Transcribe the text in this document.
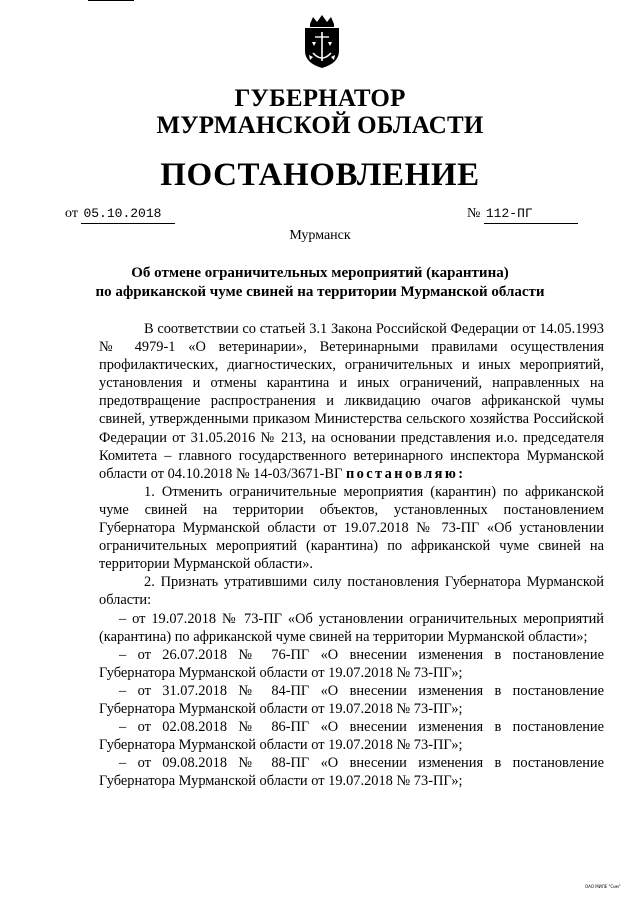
ГУБЕРНАТОР
МУРМАНСКОЙ ОБЛАСТИ
ПОСТАНОВЛЕНИЕ
от 05.10.2018	№ 112-ПГ
Мурманск
Об отмене ограничительных мероприятий (карантина)
по африканской чуме свиней на территории Мурманской области

В соответствии со статьей 3.1 Закона Российской Федерации от 14.05.1993 № 4979-1 «О ветеринарии», Ветеринарными правилами осуществления профилактических, диагностических, ограничительных и иных мероприятий, установления и отмены карантина и иных ограничений, направленных на предотвращение распространения и ликвидацию очагов африканской чумы свиней, утвержденными приказом Министерства сельского хозяйства Российской Федерации от 31.05.2016 № 213, на основании представления и.о. председателя Комитета – главного государственного ветеринарного инспектора Мурманской области от 04.10.2018 № 14-03/3671-ВГ постановляю:

1. Отменить ограничительные мероприятия (карантин) по африканской чуме свиней на территории объектов, установленных постановлением Губернатора Мурманской области от 19.07.2018 № 73-ПГ «Об установлении ограничительных мероприятий (карантина) по африканской чуме свиней на территории Мурманской области».

2. Признать утратившими силу постановления Губернатора Мурманской области:

– от 19.07.2018 № 73-ПГ «Об установлении ограничительных мероприятий (карантина) по африканской чуме свиней на территории Мурманской области»;

– от 26.07.2018 № 76-ПГ «О внесении изменения в постановление Губернатора Мурманской области от 19.07.2018 № 73-ПГ»;

– от 31.07.2018 № 84-ПГ «О внесении изменения в постановление Губернатора Мурманской области от 19.07.2018 № 73-ПГ»;

– от 02.08.2018 № 86-ПГ «О внесении изменения в постановление Губернатора Мурманской области от 19.07.2018 № 73-ПГ»;

– от 09.08.2018 № 88-ПГ «О внесении изменения в постановление Губернатора Мурманской области от 19.07.2018 № 73-ПГ»;

ОАО МИЛЕ "Сим"
